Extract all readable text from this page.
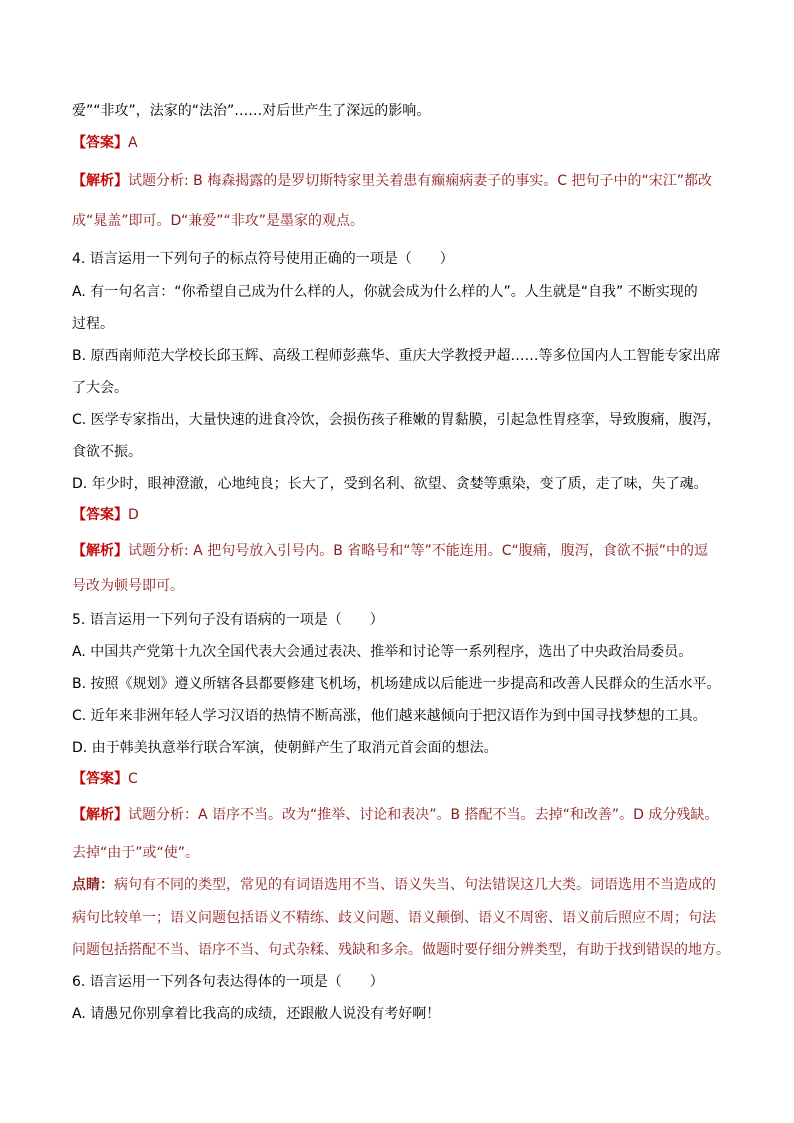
爱”“非攻”，法家的“法治”……对后世产生了深远的影响。
【答案】A
【解析】试题分析: B 梅森揭露的是罗切斯特家里关着患有癫痫病妻子的事实。C 把句子中的“宋江”都改
成“晁盖”即可。D“兼爱”“非攻”是墨家的观点。
4. 语言运用一下列句子的标点符号使用正确的一项是（　　）
A. 有一句名言：“你希望自己成为什么样的人，你就会成为什么样的人”。人生就是“自我” 不断实现的
过程。
B. 原西南师范大学校长邱玉辉、高级工程师彭燕华、重庆大学教授尹超……等多位国内人工智能专家出席
了大会。
C. 医学专家指出，大量快速的进食冷饮，会损伤孩子稚嫩的胃黏膜，引起急性胃痉挛，导致腹痛，腹泻，
食欲不振。
D. 年少时，眼神澄澈，心地纯良；长大了，受到名利、欲望、贪婪等熏染，变了质，走了味，失了魂。
【答案】D
【解析】试题分析: A 把句号放入引号内。B 省略号和“等”不能连用。C“腹痛，腹泻，食欲不振”中的逗
号改为顿号即可。
5. 语言运用一下列句子没有语病的一项是（　　）
A. 中国共产党第十九次全国代表大会通过表决、推举和讨论等一系列程序，选出了中央政治局委员。
B. 按照《规划》遵义所辖各县都要修建飞机场，机场建成以后能进一步提高和改善人民群众的生活水平。
C. 近年来非洲年轻人学习汉语的热情不断高涨，他们越来越倾向于把汉语作为到中国寻找梦想的工具。
D. 由于韩美执意举行联合军演，使朝鲜产生了取消元首会面的想法。
【答案】C
【解析】试题分析：A 语序不当。改为“推举、讨论和表决”。B 搭配不当。去掉“和改善”。D 成分残缺。
去掉“由于”或“使”。
点睛：病句有不同的类型，常见的有词语选用不当、语义失当、句法错误这几大类。词语选用不当造成的
病句比较单一；语义问题包括语义不精练、歧义问题、语义颠倒、语义不周密、语义前后照应不周；句法
问题包括搭配不当、语序不当、句式杂糅、残缺和多余。做题时要仔细分辨类型，有助于找到错误的地方。
6. 语言运用一下列各句表达得体的一项是（　　）
A. 请愚兄你别拿着比我高的成绩，还跟敝人说没有考好啊！
